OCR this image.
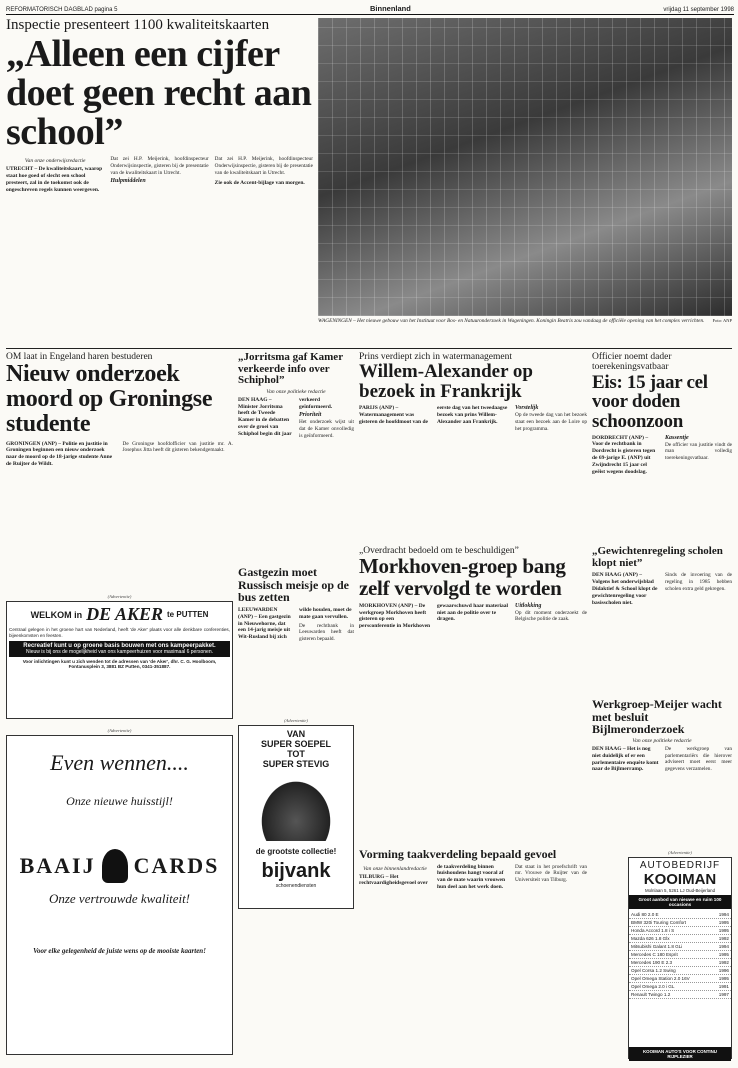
REFORMATORISCH DAGBLAD pagina 5	Binnenland	vrijdag 11 september 1998
Inspectie presenteert 1100 kwaliteitskaarten
„Alleen een cijfer doet geen recht aan school”
Van onze onderwijsredactie
UTRECHT – De kwaliteitskaart, waarop staat hoe goed of slecht een school presteert, zal in de toekomst ook de ongeschreven regels kunnen weergeven.
Dat zei H.P. Meijerink, hoofdinspecteur Onderwijsinspectie, gisteren bij de presentatie van de kwaliteitskaart in Utrecht.
Hulpmiddelen
Dat zei H.P. Meijerink, hoofdinspecteur Onderwijsinspectie, gisteren bij de presentatie van de kwaliteitskaart in Utrecht.
Zie ook de Accent-bijlage van morgen.
WAGENINGEN – Het nieuwe gebouw van het Instituut voor Bos- en Natuuronderzoek in Wageningen. Koningin Beatrix zou vandaag de officiële opening van het complex verrichten. Foto: ANP
OM laat in Engeland haren bestuderen
Nieuw onderzoek moord op Groningse studente
GRONINGEN (ANP) – Politie en justitie in Groningen beginnen een nieuw onderzoek naar de moord op de 18-jarige studente Anne de Ruijter de Wildt.
De Groningse hoofdofficier van justitie mr. A. Josephus Jitta heeft dit gisteren bekendgemaakt.
(Advertentie)
WELKOM in DE AKER te PUTTEN
Centraal gelegen in het groene hart van Nederland, heeft 'de Aker' plaats voor alle denkbare conferenties, bijeenkomsten en feesten.
Recreatief kunt u op groene basis bouwen met ons kampeerpakket.
Nieuw is bij ons de mogelijkheid van ons kampeerhuizen voor maximaal 6 personen.
Voor inlichtingen kunt u zich wenden tot de adressen van 'de Aker', dhr. C. G. Hoolboom, Fontanusplein 3, 3881 BZ Putten, 0341-351887.
(Advertentie)
Even wennen....
Onze nieuwe huisstijl!
BAAIJ CARDS
Onze vertrouwde kwaliteit!
Voor elke gelegenheid de juiste wens op de mooiste kaarten!
„Jorritsma gaf Kamer verkeerde info over Schiphol”
Van onze politieke redactie
DEN HAAG – Minister Jorritsma heeft de Tweede Kamer in de debatten over de groei van Schiphol begin dit jaar verkeerd geïnformeerd.
Prioriteit
Het onderzoek wijst uit dat de Kamer onvolledig is geïnformeerd.
Gastgezin moet Russisch meisje op de bus zetten
LEEUWARDEN (ANP) – Een gastgezin in Nieuwehorne, dat een 14-jarig meisje uit Wit-Rusland bij zich wilde houden, moet de mate gaan vervullen.
De rechtbank in Leeuwarden heeft dat gisteren bepaald.
(Advertentie)
VAN
SUPER SOEPEL
TOT
SUPER STEVIG
de grootste collectie!
bijvank
schoenendiensten
Prins verdiept zich in watermanagement
Willem-Alexander op bezoek in Frankrijk
PARIJS (ANP) – Watermanagement was gisteren de hoofdmoot van de eerste dag van het tweedaagse bezoek van prins Willem-Alexander aan Frankrijk.
Vorstelijk
Op de tweede dag van het bezoek staat een bezoek aan de Loire op het programma.
„Overdracht bedoeld om te beschuldigen”
Morkhoven-groep bang zelf vervolgd te worden
MORKHOVEN (ANP) – De werkgroep Morkhoven heeft gisteren op een persconferentie in Morkhoven gewaarschuwd haar materiaal niet aan de politie over te dragen.
Uitlokking
Op dit moment onderzoekt de Belgische politie de zaak.
Vorming taakverdeling bepaald gevoel
Van onze binnenlandredactie
TILBURG – Het rechtvaardigheidsgevoel over de taakverdeling binnen huishoudens hangt vooral af van de mate waarin vrouwen hun deel aan het werk doen.
Dat staat in het proefschrift van mr. Vrouwe de Ruijter van de Universiteit van Tilburg.
Officier noemt dader toerekeningsvatbaar
Eis: 15 jaar cel voor doden schoonzoon
DORDRECHT (ANP) – Voor de rechtbank in Dordrecht is gisteren tegen de 69-jarige E. (ANP) uit Zwijndrecht 15 jaar cel geëist wegens doodslag.
Kassentje
De officier van justitie vindt de man volledig toerekeningsvatbaar.
„Gewichtenregeling scholen klopt niet”
DEN HAAG (ANP) – Volgens het onderwijsblad Didaktief & School klopt de gewichtenregeling voor basisscholen niet.
Sinds de invoering van de regeling in 1985 hebben scholen extra geld gekregen.
Werkgroep-Meijer wacht met besluit Bijlmeronderzoek
Van onze politieke redactie
DEN HAAG – Het is nog niet duidelijk of er een parlementaire enquête komt naar de Bijlmerramp.
De werkgroep van parlementariërs die hierover adviseert moet eerst meer gegevens verzamelen.
(Advertentie)
AUTOBEDRIJF
KOOIMAN
Molnlaan 5, 5261 LJ Oud-Beijerland
Groot aanbod van nieuwe en ruim 100 occasions
Audi 80 2.0 E	1994
BMW 320i Touring Comfort	1995
Honda Accord 1.8 i S	1995
Mazda 626 1.8 Glx	1992
Mitsubishi Galant 1.8 GLi	1994
Mercedes C 180 Esprit	1995
Mercedes 190 E 2.3	1992
Opel Corsa 1.2 Swing	1996
Opel Omega Station 2.0 16V	1995
Opel Omega 2.0 i GL	1991
Renault Twingo 1.2	1997
KOOIMAN AUTO'S VOOR CONTINU RIJPLEZIER
